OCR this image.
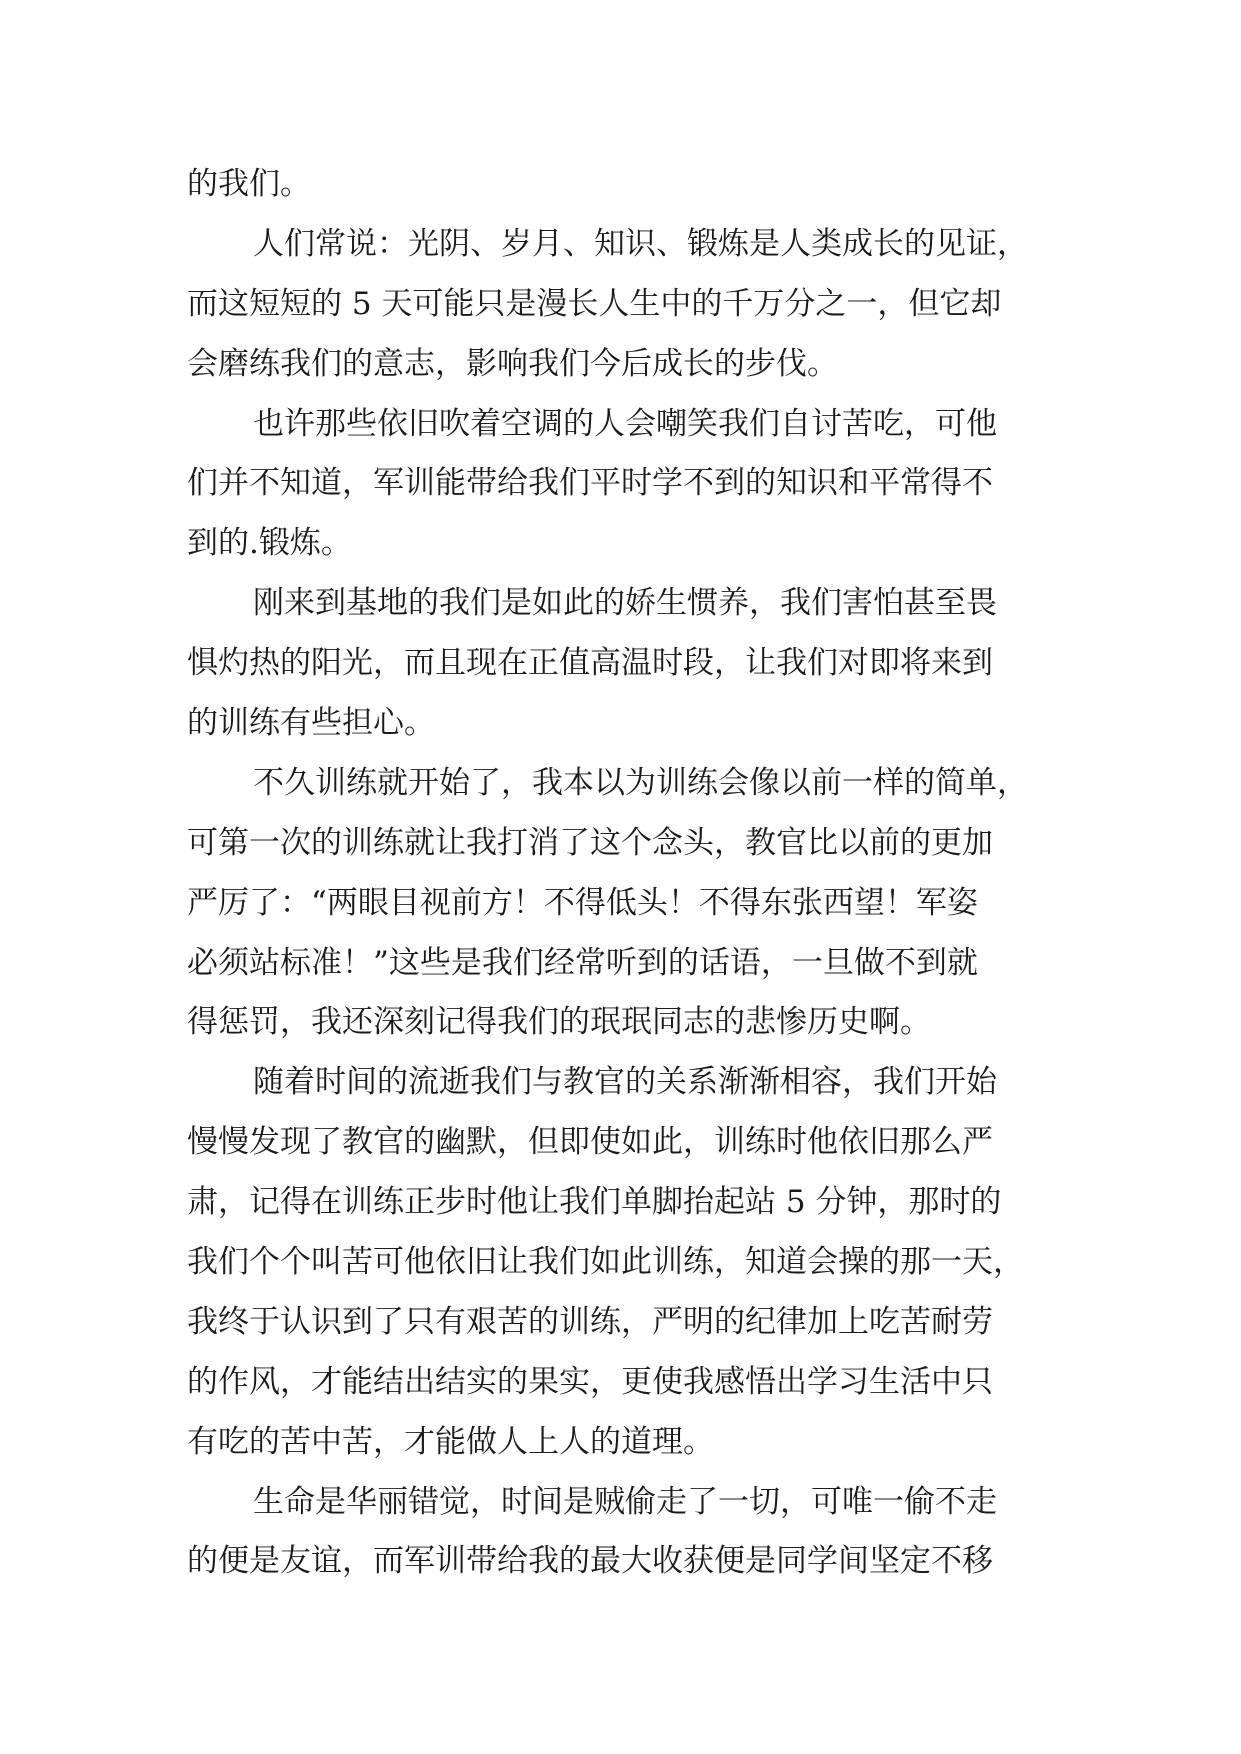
的我们。
人们常说：光阴、岁月、知识、锻炼是人类成长的见证，
而这短短的 5 天可能只是漫长人生中的千万分之一，但它却
会磨练我们的意志，影响我们今后成长的步伐。
也许那些依旧吹着空调的人会嘲笑我们自讨苦吃，可他
们并不知道，军训能带给我们平时学不到的知识和平常得不
到的.锻炼。
刚来到基地的我们是如此的娇生惯养，我们害怕甚至畏
惧灼热的阳光，而且现在正值高温时段，让我们对即将来到
的训练有些担心。
不久训练就开始了，我本以为训练会像以前一样的简单，
可第一次的训练就让我打消了这个念头，教官比以前的更加
严厉了：“两眼目视前方！不得低头！不得东张西望！军姿
必须站标准！”这些是我们经常听到的话语，一旦做不到就
得惩罚，我还深刻记得我们的珉珉同志的悲惨历史啊。
随着时间的流逝我们与教官的关系渐渐相容，我们开始
慢慢发现了教官的幽默，但即使如此，训练时他依旧那么严
肃，记得在训练正步时他让我们单脚抬起站 5 分钟，那时的
我们个个叫苦可他依旧让我们如此训练，知道会操的那一天，
我终于认识到了只有艰苦的训练，严明的纪律加上吃苦耐劳
的作风，才能结出结实的果实，更使我感悟出学习生活中只
有吃的苦中苦，才能做人上人的道理。
生命是华丽错觉，时间是贼偷走了一切，可唯一偷不走
的便是友谊，而军训带给我的最大收获便是同学间坚定不移
